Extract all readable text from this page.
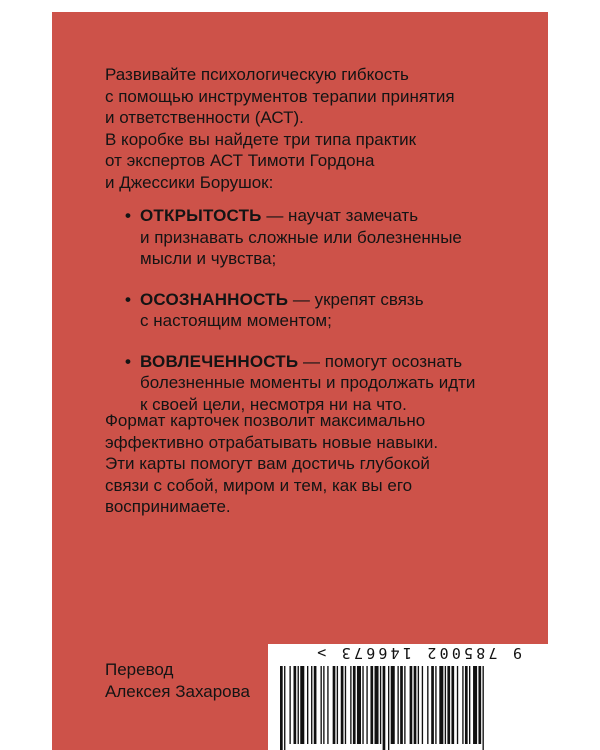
Развивайте психологическую гибкость
с помощью инструментов терапии принятия
и ответственности (АСТ).
В коробке вы найдете три типа практик
от экспертов АСТ Тимоти Гордона
и Джессики Борушок:

• ОТКРЫТОСТЬ — научат замечать
и признавать сложные или болезненные
мысли и чувства;
• ОСОЗНАННОСТЬ — укрепят связь
с настоящим моментом;
• ВОВЛЕЧЕННОСТЬ — помогут осознать
болезненные моменты и продолжать идти
к своей цели, несмотря ни на что.

Формат карточек позволит максимально
эффективно отрабатывать новые навыки.
Эти карты помогут вам достичь глубокой
связи с собой, миром и тем, как вы его
воспринимаете.

Перевод
Алексея Захарова

9 785002 146673 >
